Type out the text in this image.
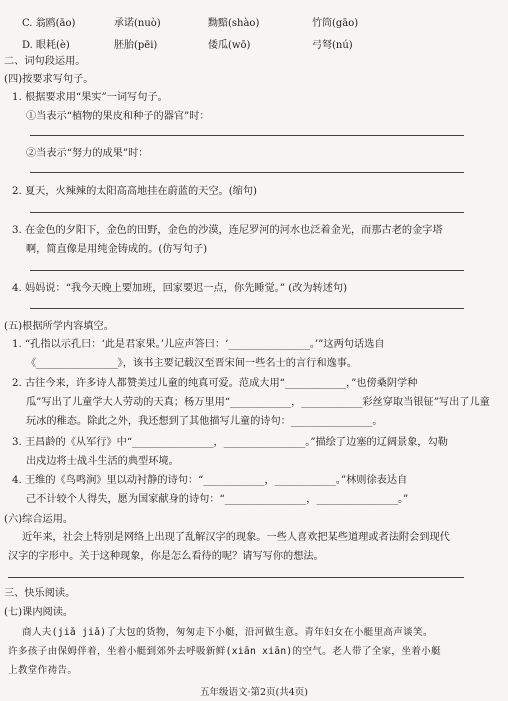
C. 翁鸥(āo)	承诺(nuò)	黝黯(shào)	竹筒(gāo)
D. 眼耗(è)	胚胎(pēi)	倭瓜(wō)	弓弩(nú)
二、词句段运用。
(四)按要求写句子。
1. 根据要求用“果实”一词写句子。
①当表示“植物的果皮和种子的器官”时：
②当表示“努力的成果”时：
2. 夏天，火辣辣的太阳高高地挂在蔚蓝的天空。(缩句)
3. 在金色的夕阳下，金色的田野，金色的沙漠，连尼罗河的河水也泛着金光，而那古老的金字塔
啊，简直像是用纯金铸成的。(仿写句子)
4. 妈妈说：“我今天晚上要加班，回家要迟一点，你先睡觉。” (改为转述句)
(五)根据所学内容填空。
1. “孔指以示孔曰：‘此是君家果。’儿应声答曰：‘________________。’”这两句话选自
《________________》，该书主要记载汉至晋宋间一些名士的言行和逸事。
2. 古往今来，许多诗人都赞美过儿童的纯真可爱。范成大用“____________，”也傍桑阴学种
瓜”写出了儿童学大人劳动的天真；杨万里用“____________，____________彩丝穿取当银钲”写出了儿童
玩冰的稚态。除此之外，我还想到了其他描写儿童的诗句：________________。
3. 王昌龄的《从军行》中“________________，________________。”描绘了边塞的辽阔景象，勾勒
出戍边将士战斗生活的典型环境。
4. 王维的《鸟鸣涧》里以动衬静的诗句：“____________，____________。”林则徐表达自
己不计较个人得失，愿为国家献身的诗句：“________________，________________。”
(六)综合运用。
近年来，社会上特别是网络上出现了乱解汉字的现象。一些人喜欢把某些道理或者法附会到现代
汉字的字形中。关于这种现象，你是怎么看待的呢？请写写你的想法。
三、快乐阅读。
(七)课内阅读。
商人夫(jiǎ jiǎ)了大包的货物，匆匆走下小艇，沿河做生意。青年妇女在小艇里高声谈笑。
许多孩子由保姆伴着，坐着小艇到郊外去呼吸新鲜(xiān xiān)的空气。老人带了全家，坐着小艇
上教堂作祷告。
五年级语文·第2页(共4页)
